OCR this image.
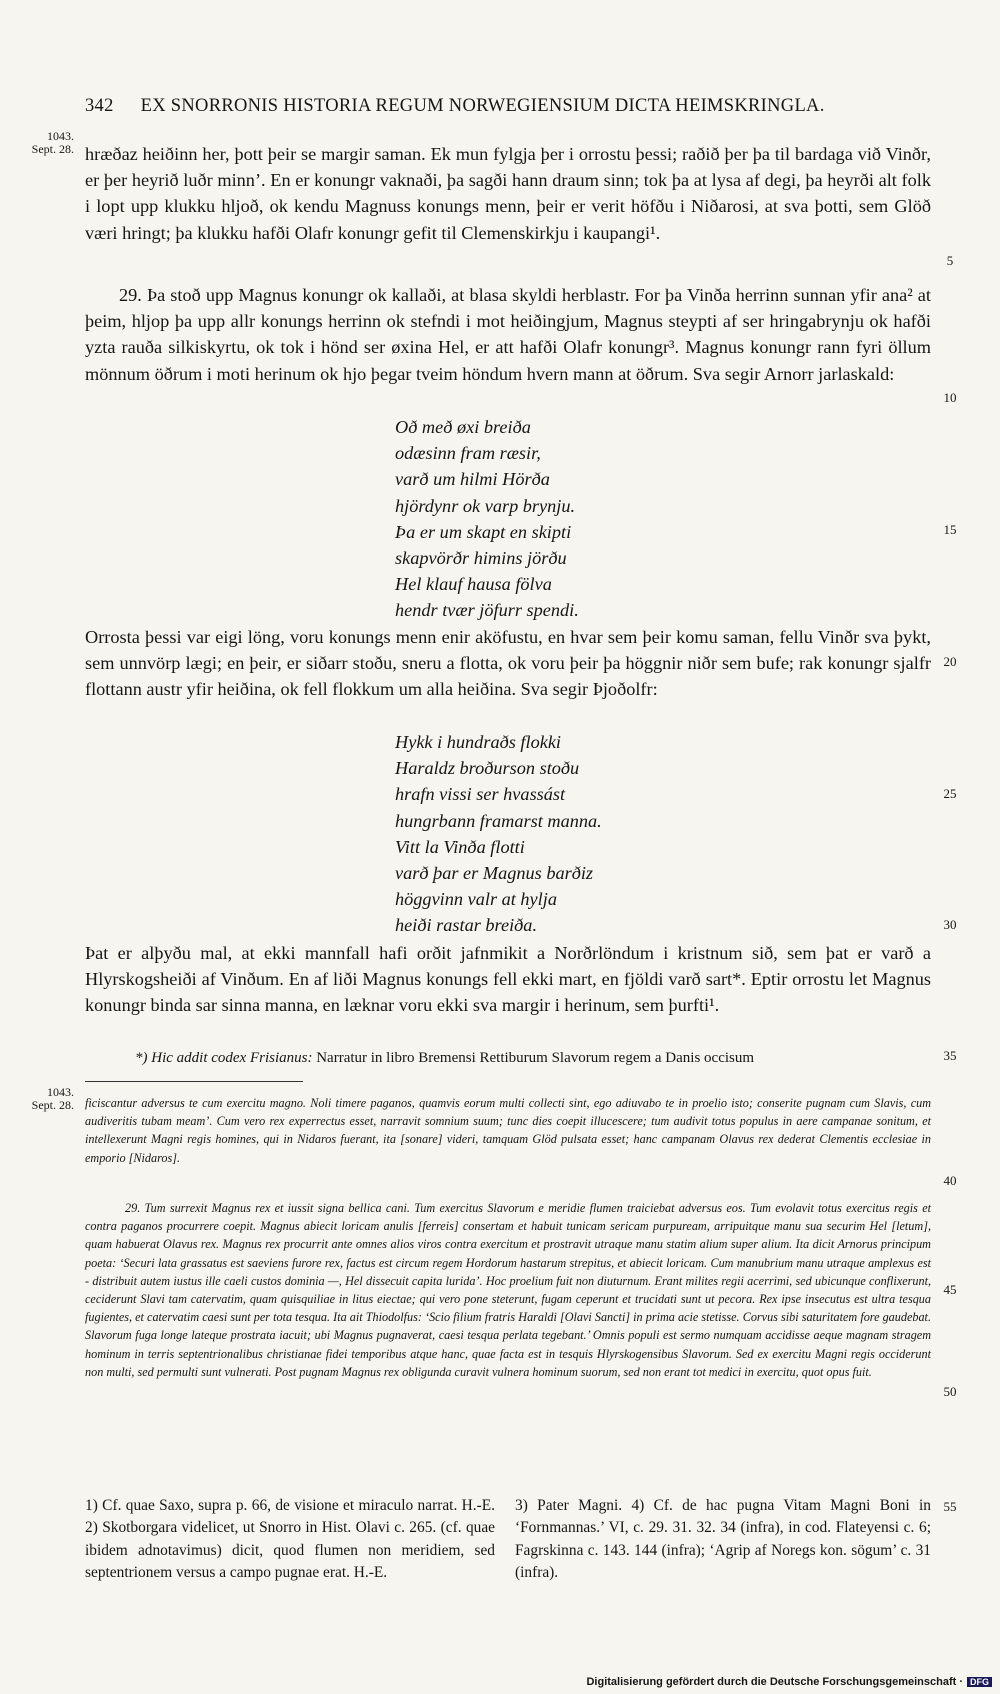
342 EX SNORRONIS HISTORIA REGUM NORWEGIENSIUM DICTA HEIMSKRINGLA.
1043.
Sept. 28.
1043.
Sept. 28.
5
10
15
20
25
30
35
40
45
50
55

hræðaz heiðinn her, þott þeir se margir saman. Ek mun fylgja þer i orrostu þessi; raðið þer þa til bardaga við Vinðr, er þer heyrið luðr minn’. En er konungr vaknaði, þa sagði hann draum sinn; tok þa at lysa af degi, þa heyrði alt folk i lopt upp klukku hljoð, ok kendu Magnuss konungs menn, þeir er verit höfðu i Niðarosi, at sva þotti, sem Glöð væri hringt; þa klukku hafði Olafr konungr gefit til Clemenskirkju i kaupangi¹.

29. Þa stoð upp Magnus konungr ok kallaði, at blasa skyldi herblastr. For þa Vinða herrinn sunnan yfir ana² at þeim, hljop þa upp allr konungs herrinn ok stefndi i mot heiðingjum, Magnus steypti af ser hringabrynju ok hafði yzta rauða silkiskyrtu, ok tok i hönd ser øxina Hel, er att hafði Olafr konungr³. Magnus konungr rann fyri öllum mönnum öðrum i moti herinum ok hjo þegar tveim höndum hvern mann at öðrum. Sva segir Arnorr jarlaskald:

Oð með øxi breiða
odæsinn fram ræsir,
varð um hilmi Hörða
hjördynr ok varp brynju.
Þa er um skapt en skipti
skapvörðr himins jörðu
Hel klauf hausa fölva
hendr tvær jöfurr spendi.

Orrosta þessi var eigi löng, voru konungs menn enir aköfustu, en hvar sem þeir komu saman, fellu Vinðr sva þykt, sem unnvörp lægi; en þeir, er siðarr stoðu, sneru a flotta, ok voru þeir þa höggnir niðr sem bufe; rak konungr sjalfr flottann austr yfir heiðina, ok fell flokkum um alla heiðina. Sva segir Þjoðolfr:

Hykk i hundraðs flokki
Haraldz broðurson stoðu
hrafn vissi ser hvassást
hungrbann framarst manna.
Vitt la Vinða flotti
varð þar er Magnus barðiz
höggvinn valr at hylja
heiði rastar breiða.

Þat er alþyðu mal, at ekki mannfall hafi orðit jafnmikit a Norðrlöndum i kristnum sið, sem þat er varð a Hlyrskogsheiði af Vinðum. En af liði Magnus konungs fell ekki mart, en fjöldi varð sart*. Eptir orrostu let Magnus konungr binda sar sinna manna, en læknar voru ekki sva margir i herinum, sem þurfti¹.

*) Hic addit codex Frisianus: Narratur in libro Bremensi Rettiburum Slavorum regem a Danis occisum

ficiscantur adversus te cum exercitu magno. Noli timere paganos, quamvis eorum multi collecti sint, ego adiuvabo te in proelio isto; conserite pugnam cum Slavis, cum audiveritis tubam meam’. Cum vero rex experrectus esset, narravit somnium suum; tunc dies coepit illucescere; tum audivit totus populus in aere campanae sonitum, et intellexerunt Magni regis homines, qui in Nidaros fuerant, ita [sonare] videri, tamquam Glöd pulsata esset; hanc campanam Olavus rex dederat Clementis ecclesiae in emporio [Nidaros].

29. Tum surrexit Magnus rex et iussit signa bellica cani. Tum exercitus Slavorum e meridie flumen traiciebat adversus eos. Tum evolavit totus exercitus regis et contra paganos procurrere coepit. Magnus abiecit loricam anulis [ferreis] consertam et habuit tunicam sericam purpuream, arripuitque manu sua securim Hel [letum], quam habuerat Olavus rex. Magnus rex procurrit ante omnes alios viros contra exercitum et prostravit utraque manu statim alium super alium. Ita dicit Arnorus principum poeta: ‘Securi lata grassatus est saeviens furore rex, factus est circum regem Hordorum hastarum strepitus, et abiecit loricam. Cum manubrium manu utraque amplexus est - distribuit autem iustus ille caeli custos dominia —, Hel dissecuit capita lurida’. Hoc proelium fuit non diuturnum. Erant milites regii acerrimi, sed ubicunque conflixerunt, ceciderunt Slavi tam catervatim, quam quisquiliae in litus eiectae; qui vero pone steterunt, fugam ceperunt et trucidati sunt ut pecora. Rex ipse insecutus est ultra tesqua fugientes, et catervatim caesi sunt per tota tesqua. Ita ait Thiodolfus: ‘Scio filium fratris Haraldi [Olavi Sancti] in prima acie stetisse. Corvus sibi saturitatem fore gaudebat. Slavorum fuga longe lateque prostrata iacuit; ubi Magnus pugnaverat, caesi tesqua perlata tegebant.’ Omnis populi est sermo numquam accidisse aeque magnam stragem hominum in terris septentrionalibus christianae fidei temporibus atque hanc, quae facta est in tesquis Hlyrskogensibus Slavorum. Sed ex exercitu Magni regis occiderunt non multi, sed permulti sunt vulnerati. Post pugnam Magnus rex obligunda curavit vulnera hominum suorum, sed non erant tot medici in exercitu, quot opus fuit.

1) Cf. quae Saxo, supra p. 66, de visione et miraculo narrat. H.-E. 2) Skotborgara videlicet, ut Snorro in Hist. Olavi c. 265. (cf. quae ibidem adnotavimus) dicit, quod flumen non meridiem, sed septentrionem versus a campo pugnae erat. H.-E.
3) Pater Magni. 4) Cf. de hac pugna Vitam Magni Boni in ‘Fornmannas.’ VI, c. 29. 31. 32. 34 (infra), in cod. Flateyensi c. 6; Fagrskinna c. 143. 144 (infra); ‘Agrip af Noregs kon. sögum’ c. 31 (infra).
Digitalisierung gefördert durch die Deutsche Forschungsgemeinschaft · DFG
